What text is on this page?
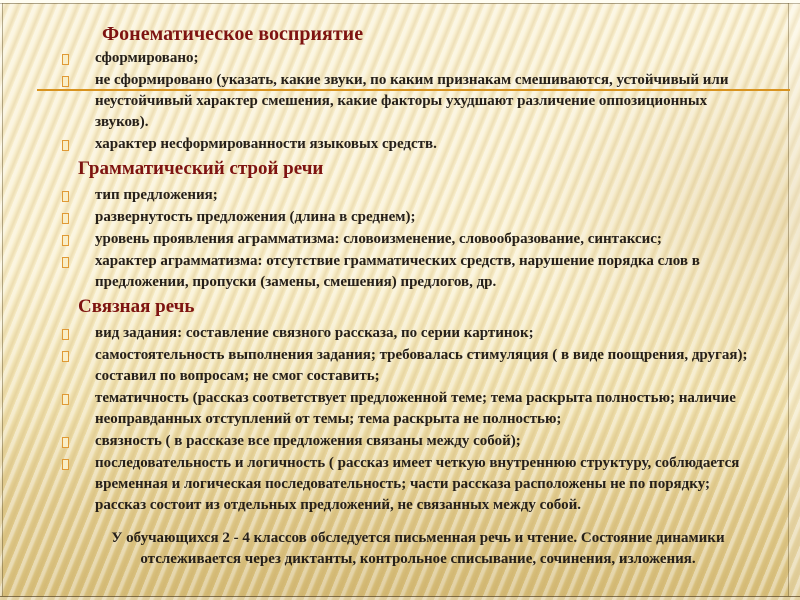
Фонематическое восприятие
сформировано;
не сформировано (указать, какие звуки, по каким признакам смешиваются, устойчивый или неустойчивый характер смешения, какие факторы ухудшают различение оппозиционных звуков).
характер несформированности языковых средств.
Грамматический строй речи
тип предложения;
развернутость предложения (длина в среднем);
уровень проявления аграмматизма: словоизменение, словообразование, синтаксис;
характер аграмматизма: отсутствие грамматических средств, нарушение порядка слов в предложении, пропуски (замены, смешения) предлогов, др.
Связная речь
вид задания: составление связного рассказа, по серии картинок;
самостоятельность выполнения задания; требовалась стимуляция ( в виде поощрения, другая); составил по вопросам; не смог составить;
тематичность (рассказ соответствует предложенной теме; тема раскрыта полностью; наличие неоправданных отступлений от темы; тема раскрыта не полностью;
связность ( в рассказе все предложения связаны между собой);
последовательность и логичность ( рассказ имеет четкую внутреннюю структуру, соблюдается временная и логическая последовательность; части рассказа расположены не по порядку; рассказ состоит из отдельных предложений, не связанных между собой.

У обучающихся 2 - 4 классов обследуется письменная речь и чтение. Состояние динамики отслеживается через диктанты, контрольное списывание, сочинения, изложения.
